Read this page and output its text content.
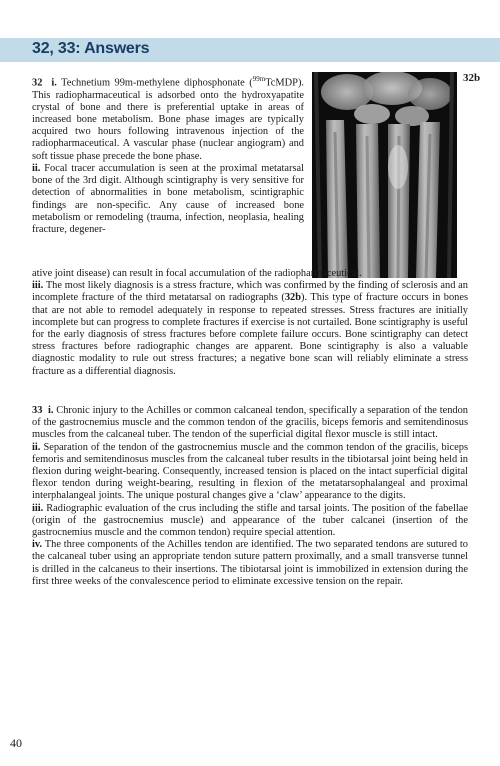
32, 33: Answers
32b

32 i. Technetium 99m-methylene diphosphonate ($^{99m}$TcMDP). This radiopharmaceutical is adsorbed onto the hydroxyapatite crystal of bone and there is preferential uptake in areas of increased bone metabolism. Bone phase images are typically acquired two hours following intravenous injection of the radiopharmaceutical. A vascular phase (nuclear angiogram) and soft tissue phase precede the bone phase.

ii. Focal tracer accumulation is seen at the proximal metatarsal bone of the 3rd digit. Although scintigraphy is very sensitive for detection of abnormalities in bone metabolism, scintigraphic findings are non-specific. Any cause of increased bone metabolism or remodeling (trauma, infection, neoplasia, healing fracture, degener-

ative joint disease) can result in focal accumulation of the radiopharmaceutical.

iii. The most likely diagnosis is a stress fracture, which was confirmed by the finding of sclerosis and an incomplete fracture of the third metatarsal on radiographs (32b). This type of fracture occurs in bones that are not able to remodel adequately in response to repeated stresses. Stress fractures are initially incomplete but can progress to complete fractures if exercise is not curtailed. Bone scintigraphy is useful for the early diagnosis of stress fractures before complete failure occurs. Bone scintigraphy can detect stress fractures before radiographic changes are apparent. Bone scintigraphy is also a valuable diagnostic modality to rule out stress fractures; a negative bone scan will reliably eliminate a stress fracture as a differential diagnosis.

33 i. Chronic injury to the Achilles or common calcaneal tendon, specifically a separation of the tendon of the gastrocnemius muscle and the common tendon of the gracilis, biceps femoris and semitendinosus muscles from the calcaneal tuber. The tendon of the superficial digital flexor muscle is still intact.

ii. Separation of the tendon of the gastrocnemius muscle and the common tendon of the gracilis, biceps femoris and semitendinosus muscles from the calcaneal tuber results in the tibiotarsal joint being held in flexion during weight-bearing. Consequently, increased tension is placed on the intact superficial digital flexor tendon during weight-bearing, resulting in flexion of the metatarsophalangeal and proximal interphalangeal joints. The unique postural changes give a ‘claw’ appearance to the digits.

iii. Radiographic evaluation of the crus including the stifle and tarsal joints. The position of the fabellae (origin of the gastrocnemius muscle) and appearance of the tuber calcanei (insertion of the gastrocnemius muscle and the common tendon) require special attention.

iv. The three components of the Achilles tendon are identified. The two separated tendons are sutured to the calcaneal tuber using an appropriate tendon suture pattern proximally, and a small transverse tunnel is drilled in the calcaneus to their insertions. The tibiotarsal joint is immobilized in extension during the first three weeks of the convalescence period to eliminate excessive tension on the repair.

40
